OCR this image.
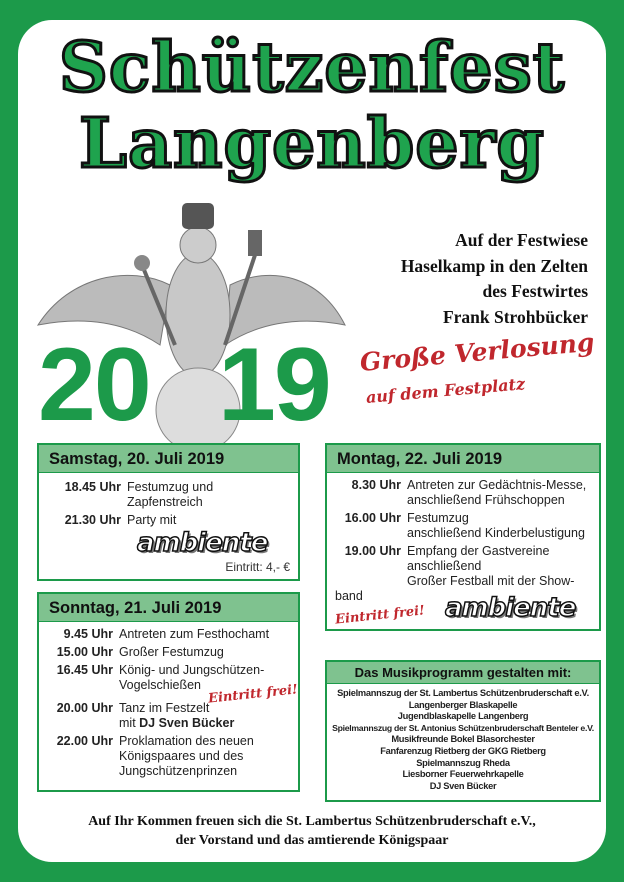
Schützenfest
Langenberg
Auf der Festwiese
Haselkamp in den Zelten
des Festwirtes
Frank Strohbücker
20 19 Große Verlosung
auf dem Festplatz
Samstag, 20. Juli 2019
18.45 Uhr Festumzug und Zapfenstreich
21.30 Uhr Party mit
ambiente
Eintritt: 4,- €
Sonntag, 21. Juli 2019
9.45 Uhr Antreten zum Festhochamt
15.00 Uhr Großer Festumzug
16.45 Uhr König- und Jungschützen-
Vogelschießen
20.00 Uhr Tanz im Festzelt
mit DJ Sven Bücker
Eintritt frei!
22.00 Uhr Proklamation des neuen
Königspaares und des
Jungschützenprinzen
Montag, 22. Juli 2019
8.30 Uhr Antreten zur Gedächtnis-Messe,
anschließend Frühschoppen
16.00 Uhr Festumzug
anschließend Kinderbelustigung
19.00 Uhr Empfang der Gastvereine
anschließend
Großer Festball mit der Show-
band
Eintritt frei! ambiente
Das Musikprogramm gestalten mit:

Spielmannszug der St. Lambertus Schützenbruderschaft e.V.

Langenberger Blaskapelle

Jugendblaskapelle Langenberg

Spielmannszug der St. Antonius Schützenbruderschaft Benteler e.V.

Musikfreunde Bokel Blasorchester

Fanfarenzug Rietberg der GKG Rietberg

Spielmannszug Rheda

Liesborner Feuerwehrkapelle

DJ Sven Bücker

Auf Ihr Kommen freuen sich die St. Lambertus Schützenbruderschaft e.V.,
der Vorstand und das amtierende Königspaar
